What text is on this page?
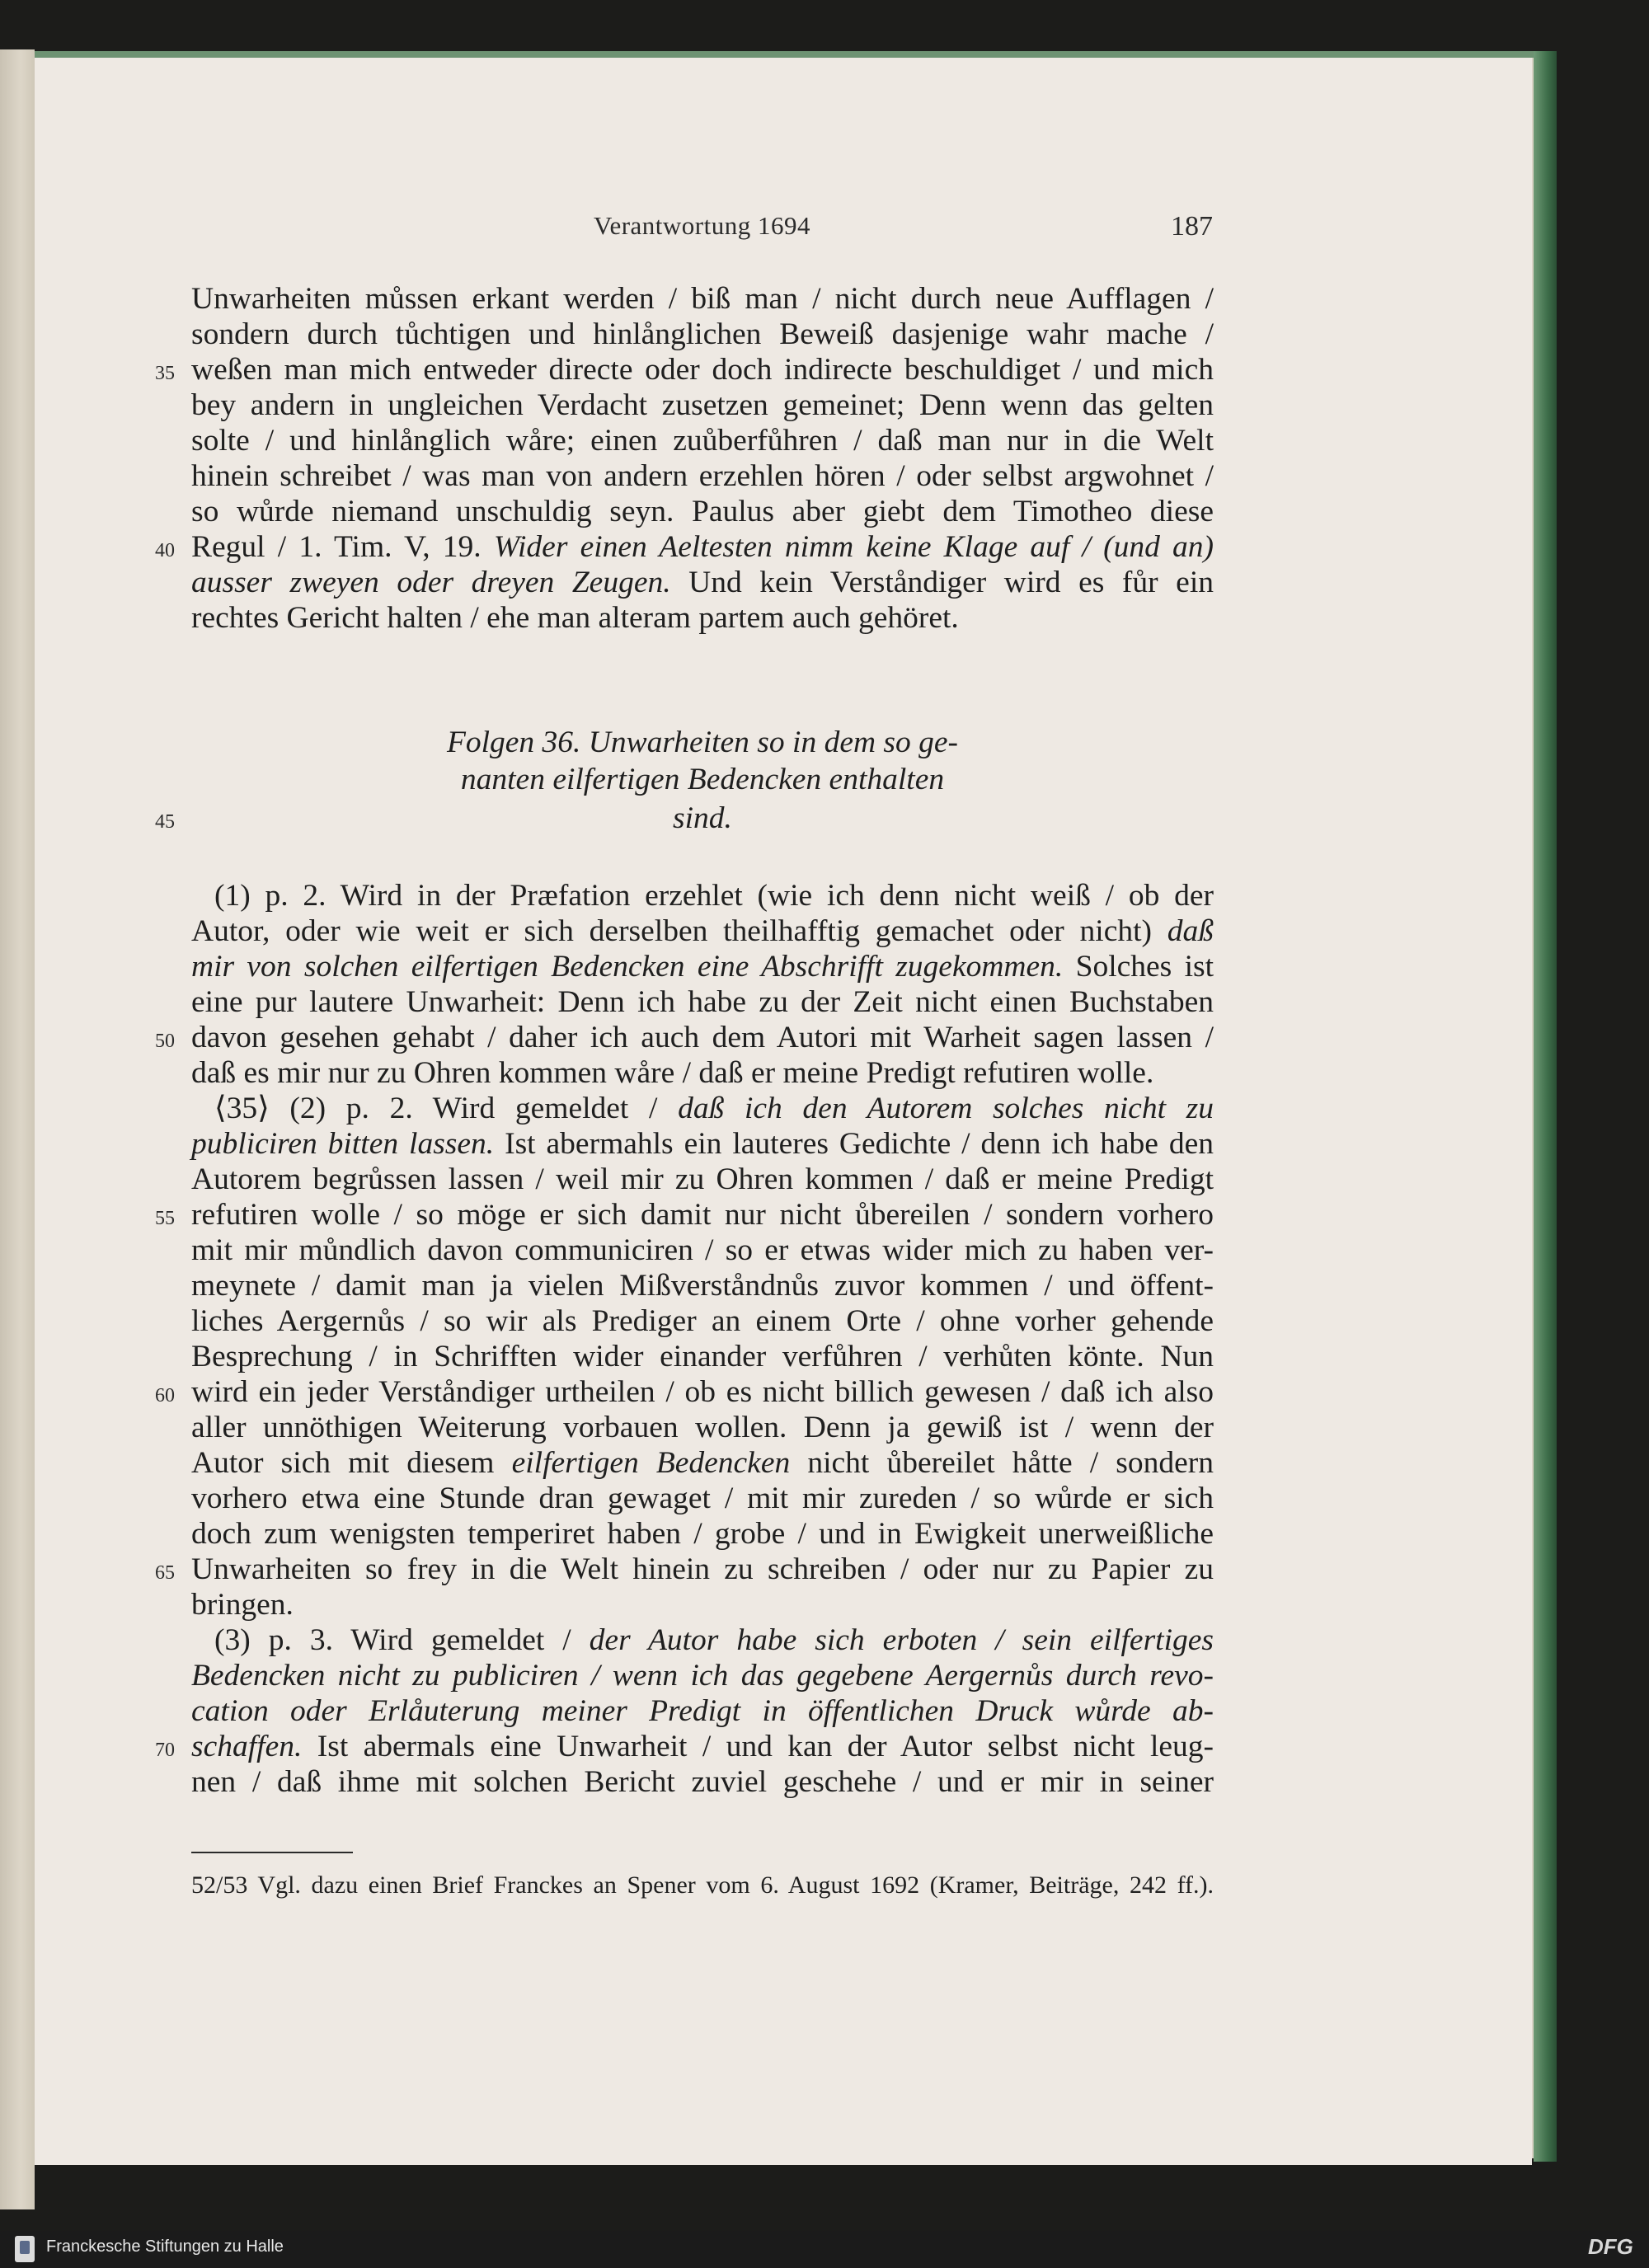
Verantwortung 1694	187
Unwarheiten můssen erkant werden / biß man / nicht durch neue Aufflagen /
sondern durch tůchtigen und hinlånglichen Beweiß dasjenige wahr mache /
weßen man mich entweder directe oder doch indirecte beschuldiget / und mich
35
bey andern in ungleichen Verdacht zusetzen gemeinet; Denn wenn das gelten
solte / und hinlånglich wåre; einen zuůberfůhren / daß man nur in die Welt
hinein schreibet / was man von andern erzehlen hören / oder selbst argwohnet /
so wůrde niemand unschuldig seyn. Paulus aber giebt dem Timotheo diese
Regul / 1. Tim. V, 19. Wider einen Aeltesten nimm keine Klage auf / (und an)
40
ausser zweyen oder dreyen Zeugen. Und kein Verståndiger wird es fůr ein
rechtes Gericht halten / ehe man alteram partem auch gehöret.
Folgen 36. Unwarheiten so in dem so ge-
nanten eilfertigen Bedencken enthalten
sind.
45
(1) p. 2. Wird in der Præfation erzehlet (wie ich denn nicht weiß / ob der
Autor, oder wie weit er sich derselben theilhafftig gemachet oder nicht) daß
mir von solchen eilfertigen Bedencken eine Abschrifft zugekommen. Solches ist
eine pur lautere Unwarheit: Denn ich habe zu der Zeit nicht einen Buchstaben
davon gesehen gehabt / daher ich auch dem Autori mit Warheit sagen lassen /
50
daß es mir nur zu Ohren kommen wåre / daß er meine Predigt refutiren wolle.
⟨35⟩ (2) p. 2. Wird gemeldet / daß ich den Autorem solches nicht zu
publiciren bitten lassen. Ist abermahls ein lauteres Gedichte / denn ich habe den
Autorem begrůssen lassen / weil mir zu Ohren kommen / daß er meine Predigt
refutiren wolle / so möge er sich damit nur nicht ůbereilen / sondern vorhero
55
mit mir můndlich davon communiciren / so er etwas wider mich zu haben ver-
meynete / damit man ja vielen Mißverståndnůs zuvor kommen / und öffent-
liches Aergernůs / so wir als Prediger an einem Orte / ohne vorher gehende
Besprechung / in Schrifften wider einander verfůhren / verhůten könte. Nun
wird ein jeder Verståndiger urtheilen / ob es nicht billich gewesen / daß ich also
60
aller unnöthigen Weiterung vorbauen wollen. Denn ja gewiß ist / wenn der
Autor sich mit diesem eilfertigen Bedencken nicht ůbereilet håtte / sondern
vorhero etwa eine Stunde dran gewaget / mit mir zureden / so wůrde er sich
doch zum wenigsten temperiret haben / grobe / und in Ewigkeit unerweißliche
Unwarheiten so frey in die Welt hinein zu schreiben / oder nur zu Papier zu
65
bringen.
(3) p. 3. Wird gemeldet / der Autor habe sich erboten / sein eilfertiges
Bedencken nicht zu publiciren / wenn ich das gegebene Aergernůs durch revo-
cation oder Erlåuterung meiner Predigt in öffentlichen Druck wůrde ab-
schaffen. Ist abermals eine Unwarheit / und kan der Autor selbst nicht leug-
70
nen / daß ihme mit solchen Bericht zuviel geschehe / und er mir in seiner
52/53 Vgl. dazu einen Brief Franckes an Spener vom 6. August 1692 (Kramer, Beiträge, 242 ff.).
Franckesche Stiftungen zu Halle	DFG
